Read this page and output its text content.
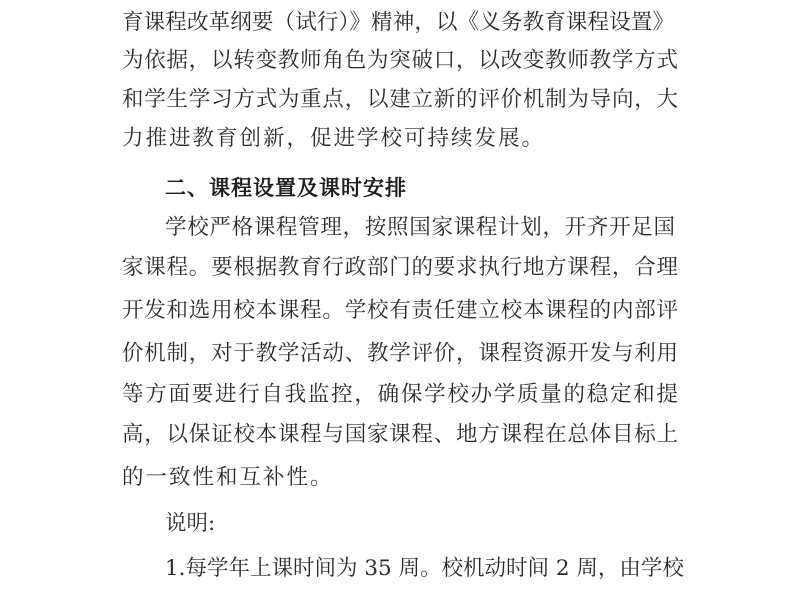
育课程改革纲要（试行）》精神，以《义务教育课程设置》
为依据，以转变教师角色为突破口，以改变教师教学方式
和学生学习方式为重点，以建立新的评价机制为导向，大
力推进教育创新，促进学校可持续发展。
二、课程设置及课时安排
学校严格课程管理，按照国家课程计划，开齐开足国
家课程。要根据教育行政部门的要求执行地方课程，合理
开发和选用校本课程。学校有责任建立校本课程的内部评
价机制，对于教学活动、教学评价，课程资源开发与利用
等方面要进行自我监控，确保学校办学质量的稳定和提
高，以保证校本课程与国家课程、地方课程在总体目标上
的一致性和互补性。
说明:
1.每学年上课时间为 35 周。校机动时间 2 周，由学校
